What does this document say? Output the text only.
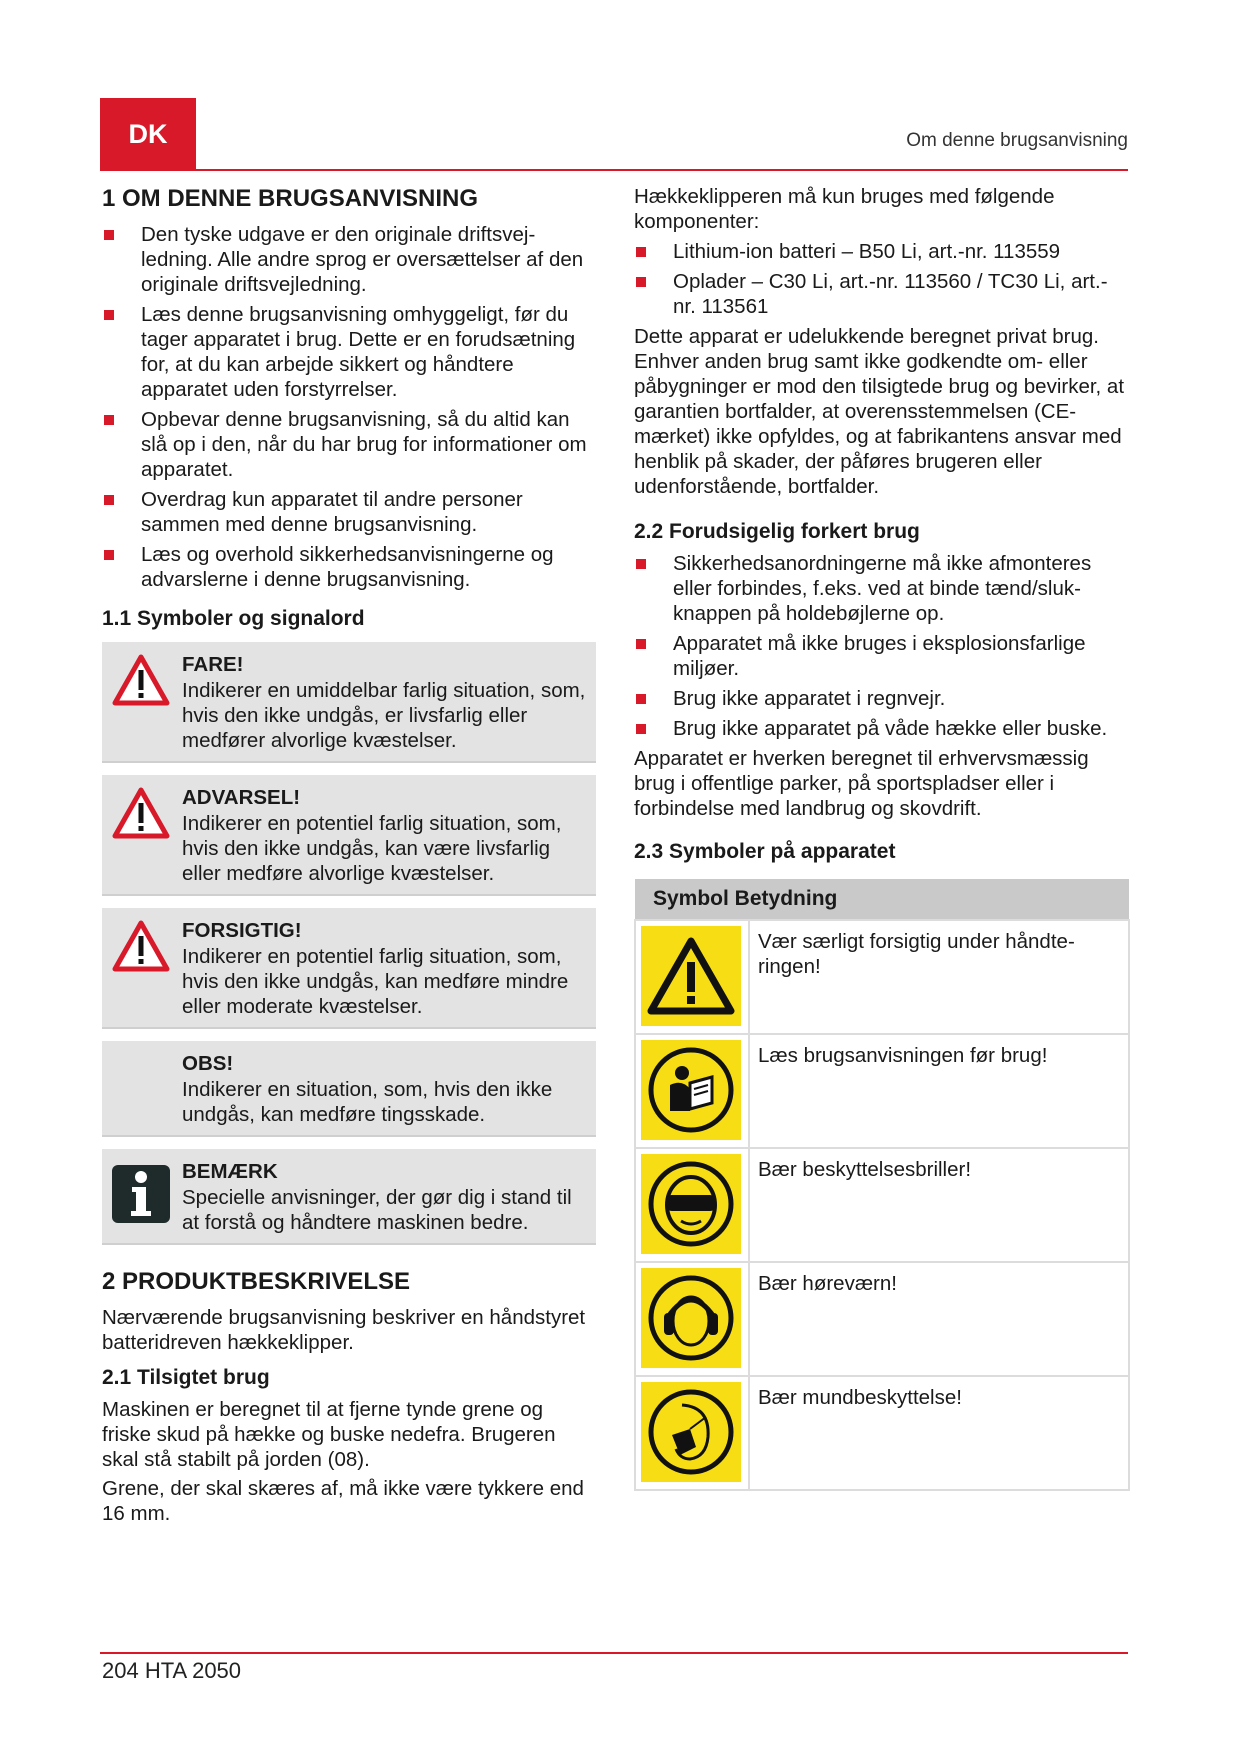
DK	Om denne brugsanvisning
1 OM DENNE BRUGSANVISNING
Den tyske udgave er den originale driftsvejledning. Alle andre sprog er oversættelser af den originale driftsvejledning.
Læs denne brugsanvisning omhyggeligt, før du tager apparatet i brug. Dette er en forudsætning for, at du kan arbejde sikkert og håndtere apparatet uden forstyrrelser.
Opbevar denne brugsanvisning, så du altid kan slå op i den, når du har brug for informationer om apparatet.
Overdrag kun apparatet til andre personer sammen med denne brugsanvisning.
Læs og overhold sikkerhedsanvisningerne og advarslerne i denne brugsanvisning.
1.1 Symboler og signalord
FARE!
Indikerer en umiddelbar farlig situation, som, hvis den ikke undgås, er livsfarlig eller medfører alvorlige kvæstelser.
ADVARSEL!
Indikerer en potentiel farlig situation, som, hvis den ikke undgås, kan være livsfarlig eller medføre alvorlige kvæstelser.
FORSIGTIG!
Indikerer en potentiel farlig situation, som, hvis den ikke undgås, kan medføre mindre eller moderate kvæstelser.
OBS!
Indikerer en situation, som, hvis den ikke undgås, kan medføre tingsskade.
BEMÆRK
Specielle anvisninger, der gør dig i stand til at forstå og håndtere maskinen bedre.
2 PRODUKTBESKRIVELSE

Nærværende brugsanvisning beskriver en håndstyret batteridreven hækkeklipper.

2.1 Tilsigtet brug

Maskinen er beregnet til at fjerne tynde grene og friske skud på hække og buske nedefra. Brugeren skal stå stabilt på jorden (08).

Grene, der skal skæres af, må ikke være tykkere end 16 mm.

Hækkeklipperen må kun bruges med følgende komponenter:

Lithium-ion batteri – B50 Li, art.-nr. 113559
Oplader – C30 Li, art.-nr. 113560 / TC30 Li, art.-nr. 113561

Dette apparat er udelukkende beregnet privat brug. Enhver anden brug samt ikke godkendte om- eller påbygninger er mod den tilsigtede brug og bevirker, at garantien bortfalder, at overensstemmelsen (CE-mærket) ikke opfyldes, og at fabrikantens ansvar med henblik på skader, der påføres brugeren eller udenforstående, bortfalder.

2.2 Forudsigelig forkert brug
Sikkerhedsanordningerne må ikke afmonteres eller forbindes, f.eks. ved at binde tænd/sluk-knappen på holdebøjlerne op.
Apparatet må ikke bruges i eksplosionsfarlige miljøer.
Brug ikke apparatet i regnvejr.
Brug ikke apparatet på våde hække eller buske.

Apparatet er hverken beregnet til erhvervsmæssig brug i offentlige parker, på sportspladser eller i forbindelse med landbrug og skovdrift.

2.3 Symboler på apparatet
Symbol Betydning	

	Vær særligt forsigtig under håndteringen!

	Læs brugsanvisningen før brug!

	Bær beskyttelsesbriller!

	Bær høreværn!

	Bær mundbeskyttelse!
204 HTA 2050
